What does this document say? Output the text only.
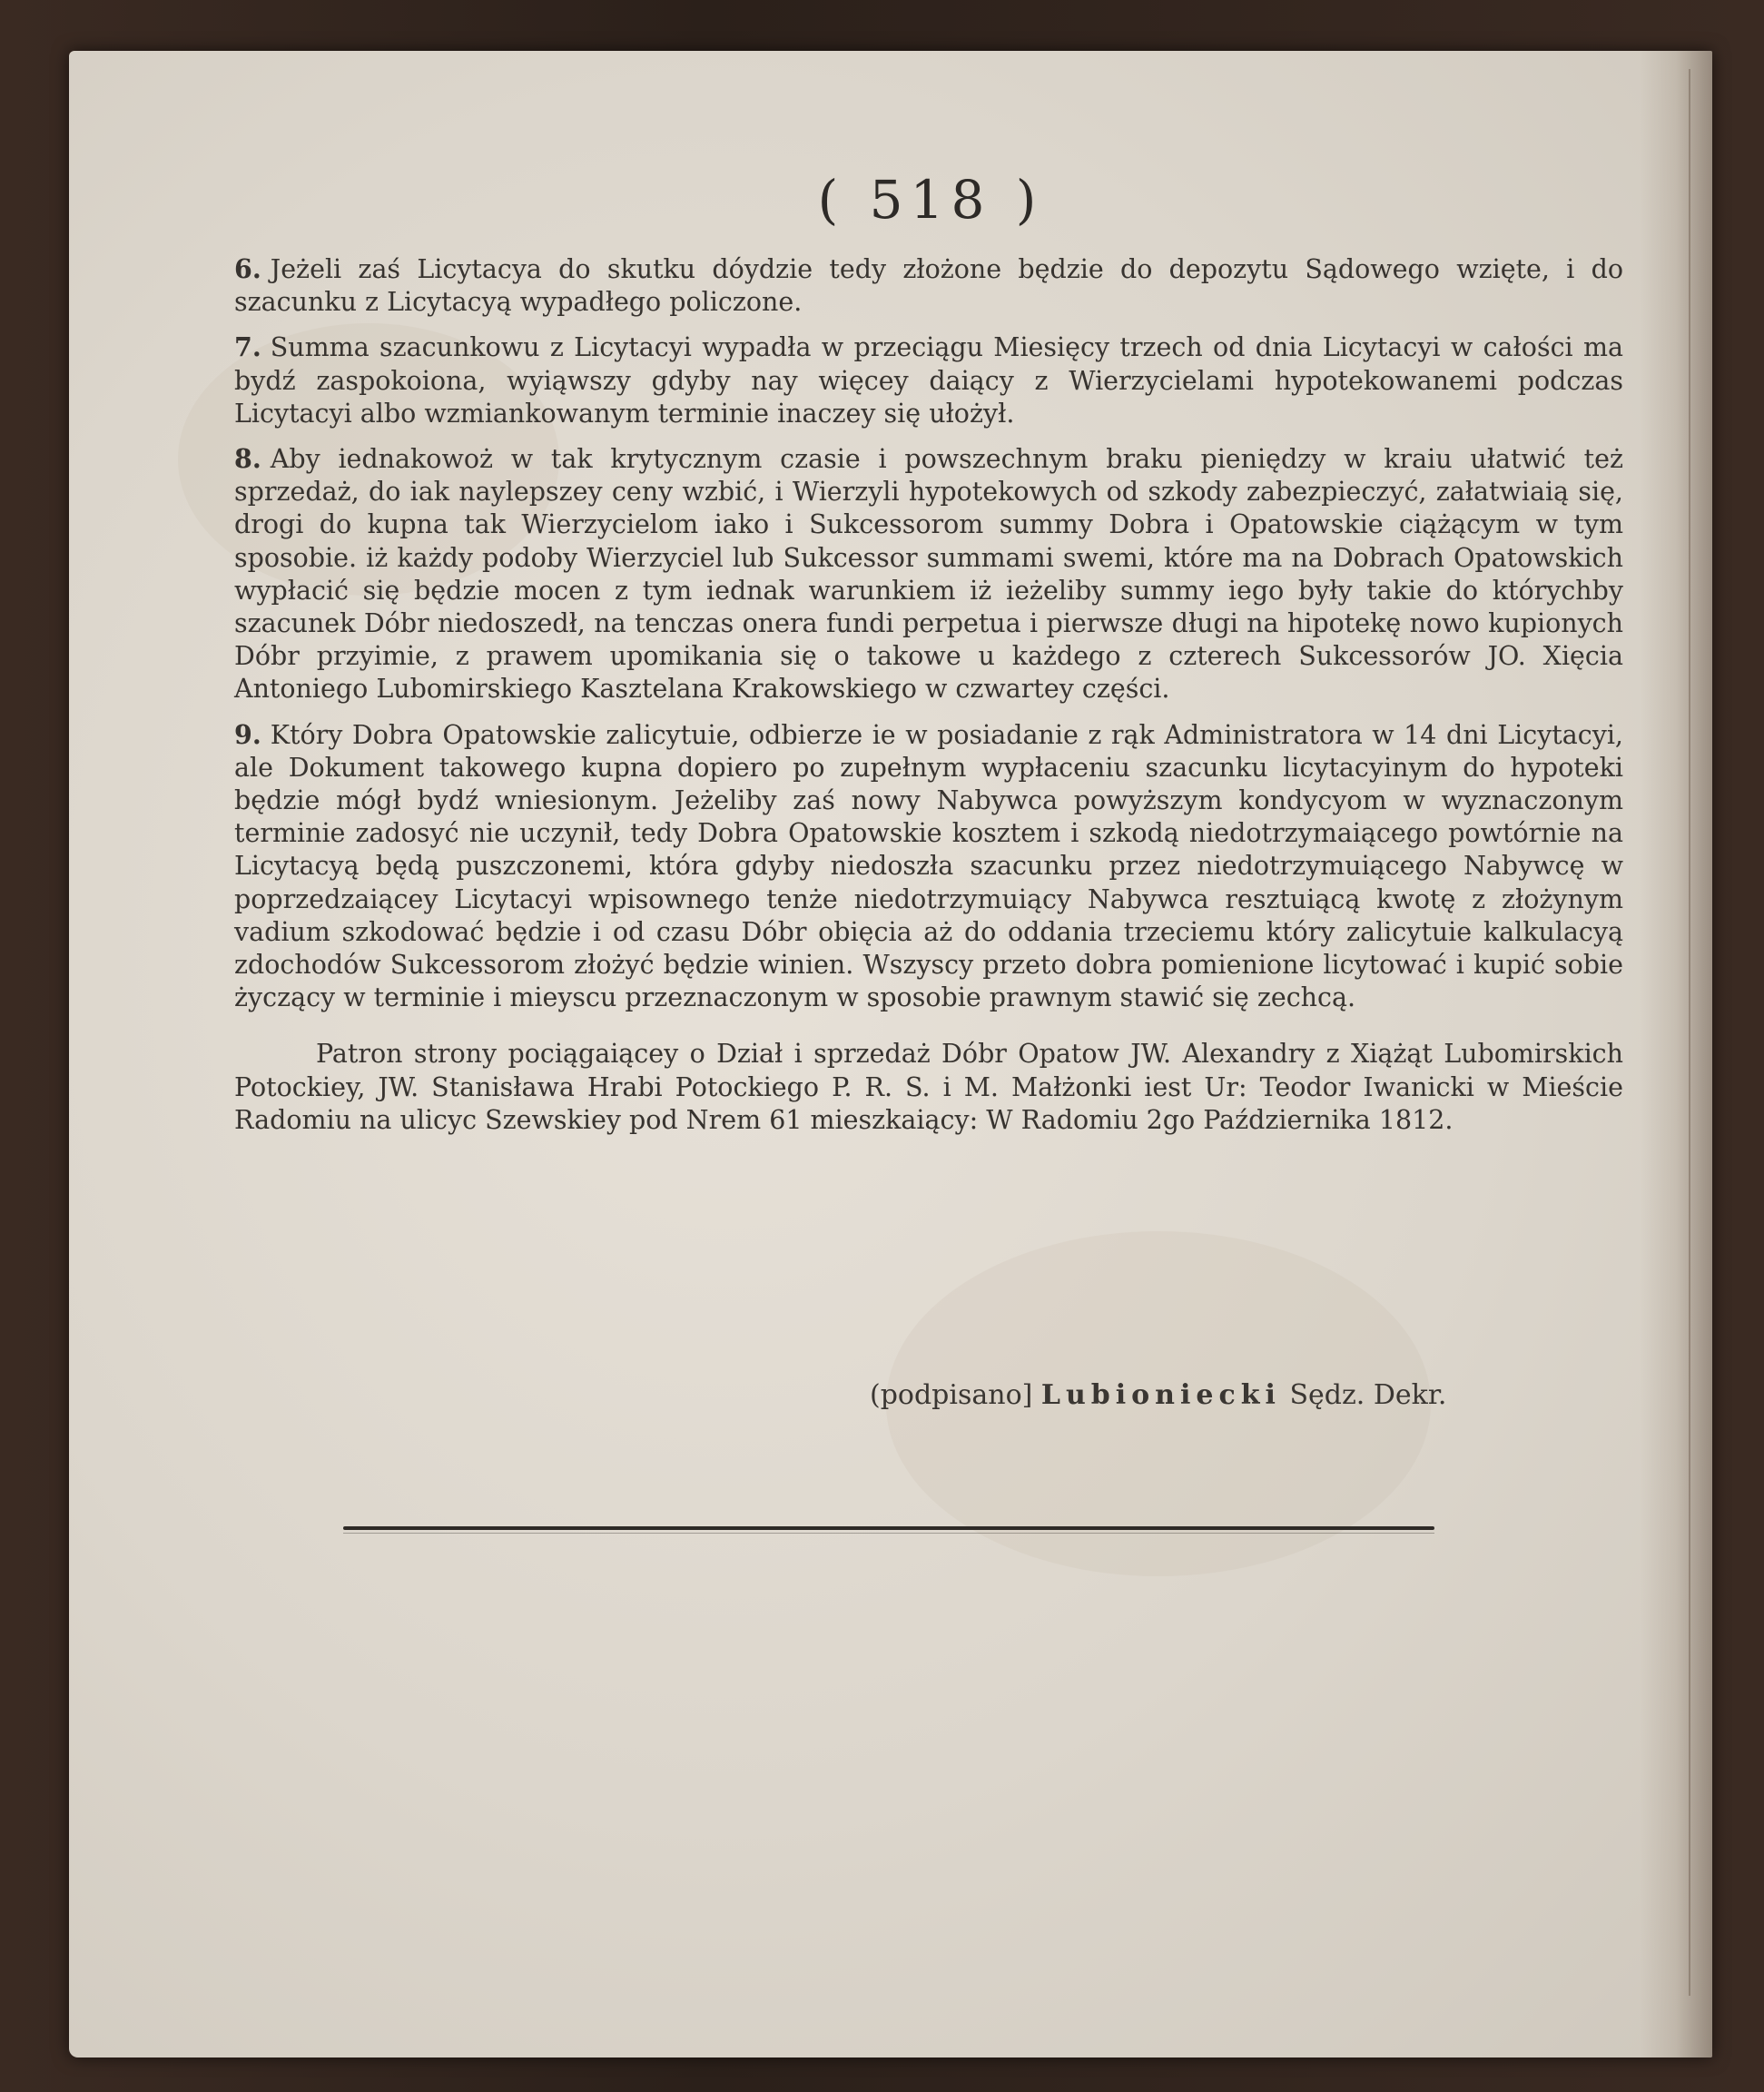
( 518 )

6. Jeżeli zaś Licytacya do skutku dóydzie tedy złożone będzie do depozytu Sądowego wzięte, i do szacunku z Licytacyą wypadłego policzone.

7. Summa szacunkowu z Licytacyi wypadła w przeciągu Miesięcy trzech od dnia Licytacyi w całości ma bydź zaspokoiona, wyiąwszy gdyby nay więcey daiący z Wierzycielami hypotekowanemi podczas Licytacyi albo wzmiankowanym terminie inaczey się ułożył.

8. Aby iednakowoż w tak krytycznym czasie i powszechnym braku pieniędzy w kraiu ułatwić też sprzedaż, do iak naylepszey ceny wzbić, i Wierzyli hypotekowych od szkody zabezpieczyć, załatwiaią się, drogi do kupna tak Wierzycielom iako i Sukcessorom summy Dobra i Opatowskie ciążącym w tym sposobie. iż każdy podoby Wierzyciel lub Sukcessor summami swemi, które ma na Dobrach Opatowskich wypłacić się będzie mocen z tym iednak warunkiem iż ieżeliby summy iego były takie do którychby szacunek Dóbr niedoszedł, na tenczas onera fundi perpetua i pierwsze długi na hipotekę nowo kupionych Dóbr przyimie, z prawem upomikania się o takowe u każdego z czterech Sukcessorów JO. Xięcia Antoniego Lubomirskiego Kasztelana Krakowskiego w czwartey części.

9. Który Dobra Opatowskie zalicytuie, odbierze ie w posiadanie z rąk Administratora w 14 dni Licytacyi, ale Dokument takowego kupna dopiero po zupełnym wypłaceniu szacunku licytacyinym do hypoteki będzie mógł bydź wniesionym. Jeżeliby zaś nowy Nabywca powyższym kondycyom w wyznaczonym terminie zadosyć nie uczynił, tedy Dobra Opatowskie kosztem i szkodą niedotrzymaiącego powtórnie na Licytacyą będą puszczonemi, która gdyby niedoszła szacunku przez niedotrzymuiącego Nabywcę w poprzedzaiącey Licytacyi wpisownego tenże niedotrzymuiący Nabywca resztuiącą kwotę z złożynym vadium szkodować będzie i od czasu Dóbr obięcia aż do oddania trzeciemu który zalicytuie kalkulacyą zdochodów Sukcessorom złożyć będzie winien. Wszyscy przeto dobra pomienione licytować i kupić sobie życzący w terminie i mieyscu przeznaczonym w sposobie prawnym stawić się zechcą.

Patron strony pociągaiącey o Dział i sprzedaż Dóbr Opatow JW. Alexandry z Xiążąt Lubomirskich Potockiey, JW. Stanisława Hrabi Potockiego P. R. S. i M. Małżonki iest Ur: Teodor Iwanicki w Mieście Radomiu na ulicyc Szewskiey pod Nrem 61 mieszkaiący: W Radomiu 2go Października 1812.

(podpisano] Lubioniecki Sędz. Dekr.
